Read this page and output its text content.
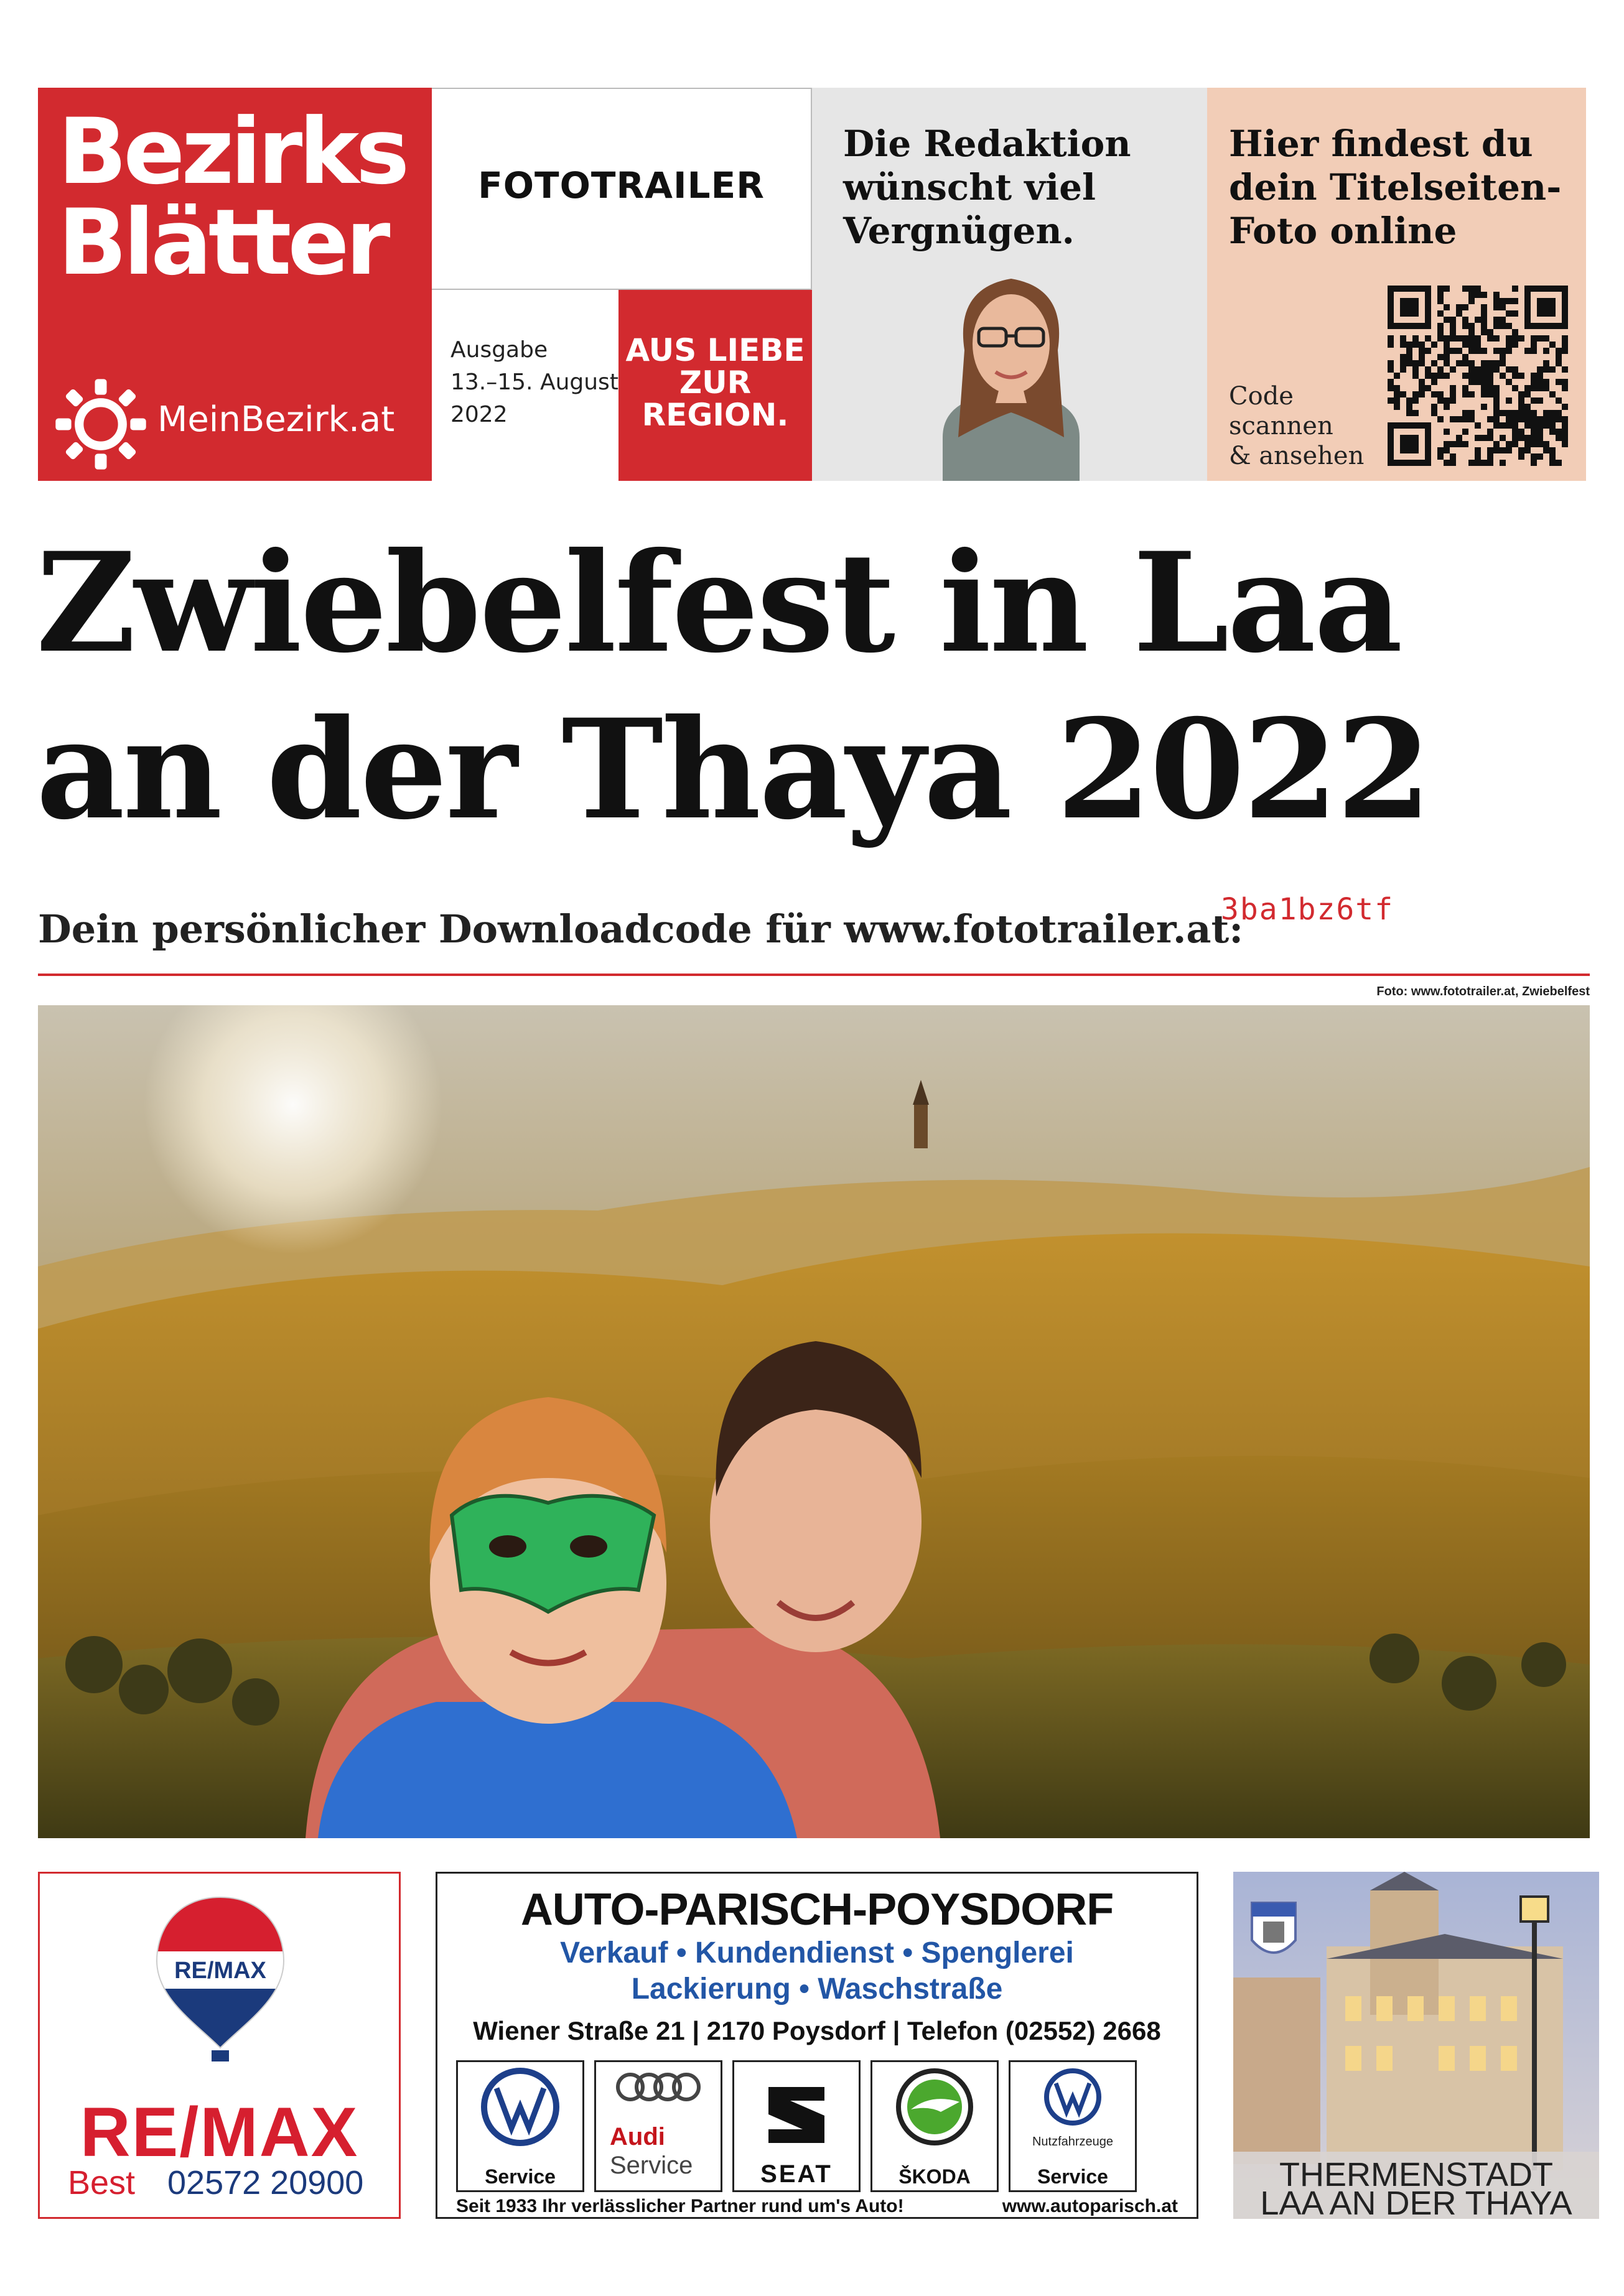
Bezirks
Blätter
MeinBezirk.at
FOTOTRAILER
Ausgabe
13.–15. August
2022
AUS LIEBE
ZUR
REGION.
Die Redaktion
wünscht viel
Vergnügen.
Hier findest du
dein Titelseiten-
Foto online
Code
scannen
& ansehen
Zwiebelfest in Laa
an der Thaya 2022
Dein persönlicher Downloadcode für www.fototrailer.at:
3ba1bz6tf
Foto: www.fototrailer.at, Zwiebelfest
RE/MAX
RE/MAX
Best 02572 20900
AUTO-PARISCH-POYSDORF
Verkauf • Kundendienst • Spenglerei
Lackierung • Waschstraße
Wiener Straße 21 | 2170 Poysdorf | Telefon (02552) 2668
Service
Audi
Service	SEAT	ŠKODA
Nutzfahrzeuge
Service
Seit 1933 Ihr verlässlicher Partner rund um's Auto!	www.autoparisch.at
THERMENSTADT
LAA AN DER THAYA
